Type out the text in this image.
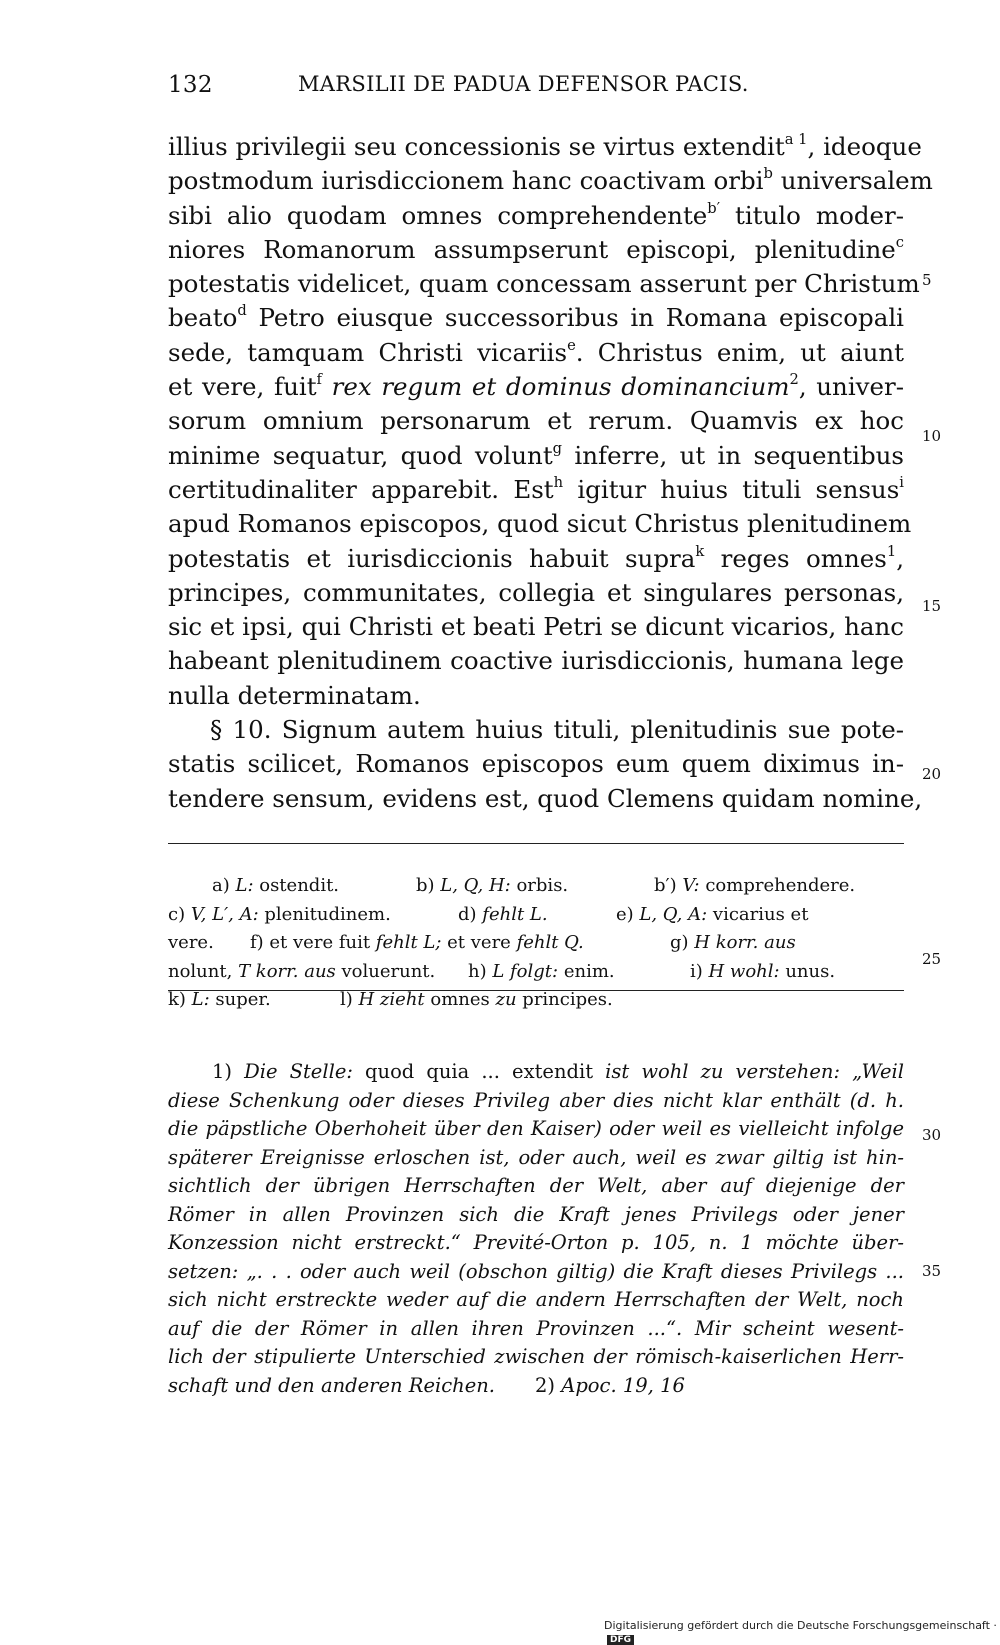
132	MARSILII DE PADUA DEFENSOR PACIS.
illius privilegii seu concessionis se virtus extendit$^{a 1}$, ideoque
postmodum iurisdiccionem hanc coactivam orbi$^b$ universalem
sibi alio quodam omnes comprehendente$^{b'}$ titulo moder-
niores Romanorum assumpserunt episcopi, plenitudine$^c$
potestatis videlicet, quam concessam asserunt per Christum
beato$^d$ Petro eiusque successoribus in Romana episcopali
sede, tamquam Christi vicariis$^e$. Christus enim, ut aiunt
et vere, fuit$^f$ rex regum et dominus dominancium$^2$, univer-
sorum omnium personarum et rerum. Quamvis ex hoc
minime sequatur, quod volunt$^g$ inferre, ut in sequentibus
certitudinaliter apparebit. Est$^h$ igitur huius tituli sensus$^i$
apud Romanos episcopos, quod sicut Christus plenitudinem
potestatis et iurisdiccionis habuit supra$^k$ reges omnes$^1$,
principes, communitates, collegia et singulares personas,
sic et ipsi, qui Christi et beati Petri se dicunt vicarios, hanc
habeant plenitudinem coactive iurisdiccionis, humana lege
nulla determinatam.
§ 10. Signum autem huius tituli, plenitudinis sue pote-
statis scilicet, Romanos episcopos eum quem diximus in-
tendere sensum, evidens est, quod Clemens quidam nomine,
5
10
15
20
25
30
35
a) L: ostendit.	b) L, Q, H: orbis.	b′) V: comprehendere.
c) V, L′, A: plenitudinem.	d) fehlt L.	e) L, Q, A: vicarius et
vere. f) et vere fuit fehlt L; et vere fehlt Q.	g) H korr. aus
nolunt, T korr. aus voluerunt. h) L folgt: enim.	i) H wohl: unus.
k) L: super.	l) H zieht omnes zu principes.
1) Die Stelle: quod quia ... extendit ist wohl zu verstehen: „Weil
diese Schenkung oder dieses Privileg aber dies nicht klar enthält (d. h.
die päpstliche Oberhoheit über den Kaiser) oder weil es vielleicht infolge
späterer Ereignisse erloschen ist, oder auch, weil es zwar giltig ist hin-
sichtlich der übrigen Herrschaften der Welt, aber auf diejenige der
Römer in allen Provinzen sich die Kraft jenes Privilegs oder jener
Konzession nicht erstreckt.“ Previté-Orton p. 105, n. 1 möchte über-
setzen: „. . . oder auch weil (obschon giltig) die Kraft dieses Privilegs ...
sich nicht erstreckte weder auf die andern Herrschaften der Welt, noch
auf die der Römer in allen ihren Provinzen ...“. Mir scheint wesent-
lich der stipulierte Unterschied zwischen der römisch-kaiserlichen Herr-
schaft und den anderen Reichen. 2) Apoc. 19, 16
Digitalisierung gefördert durch die Deutsche Forschungsgemeinschaft ·DFG
